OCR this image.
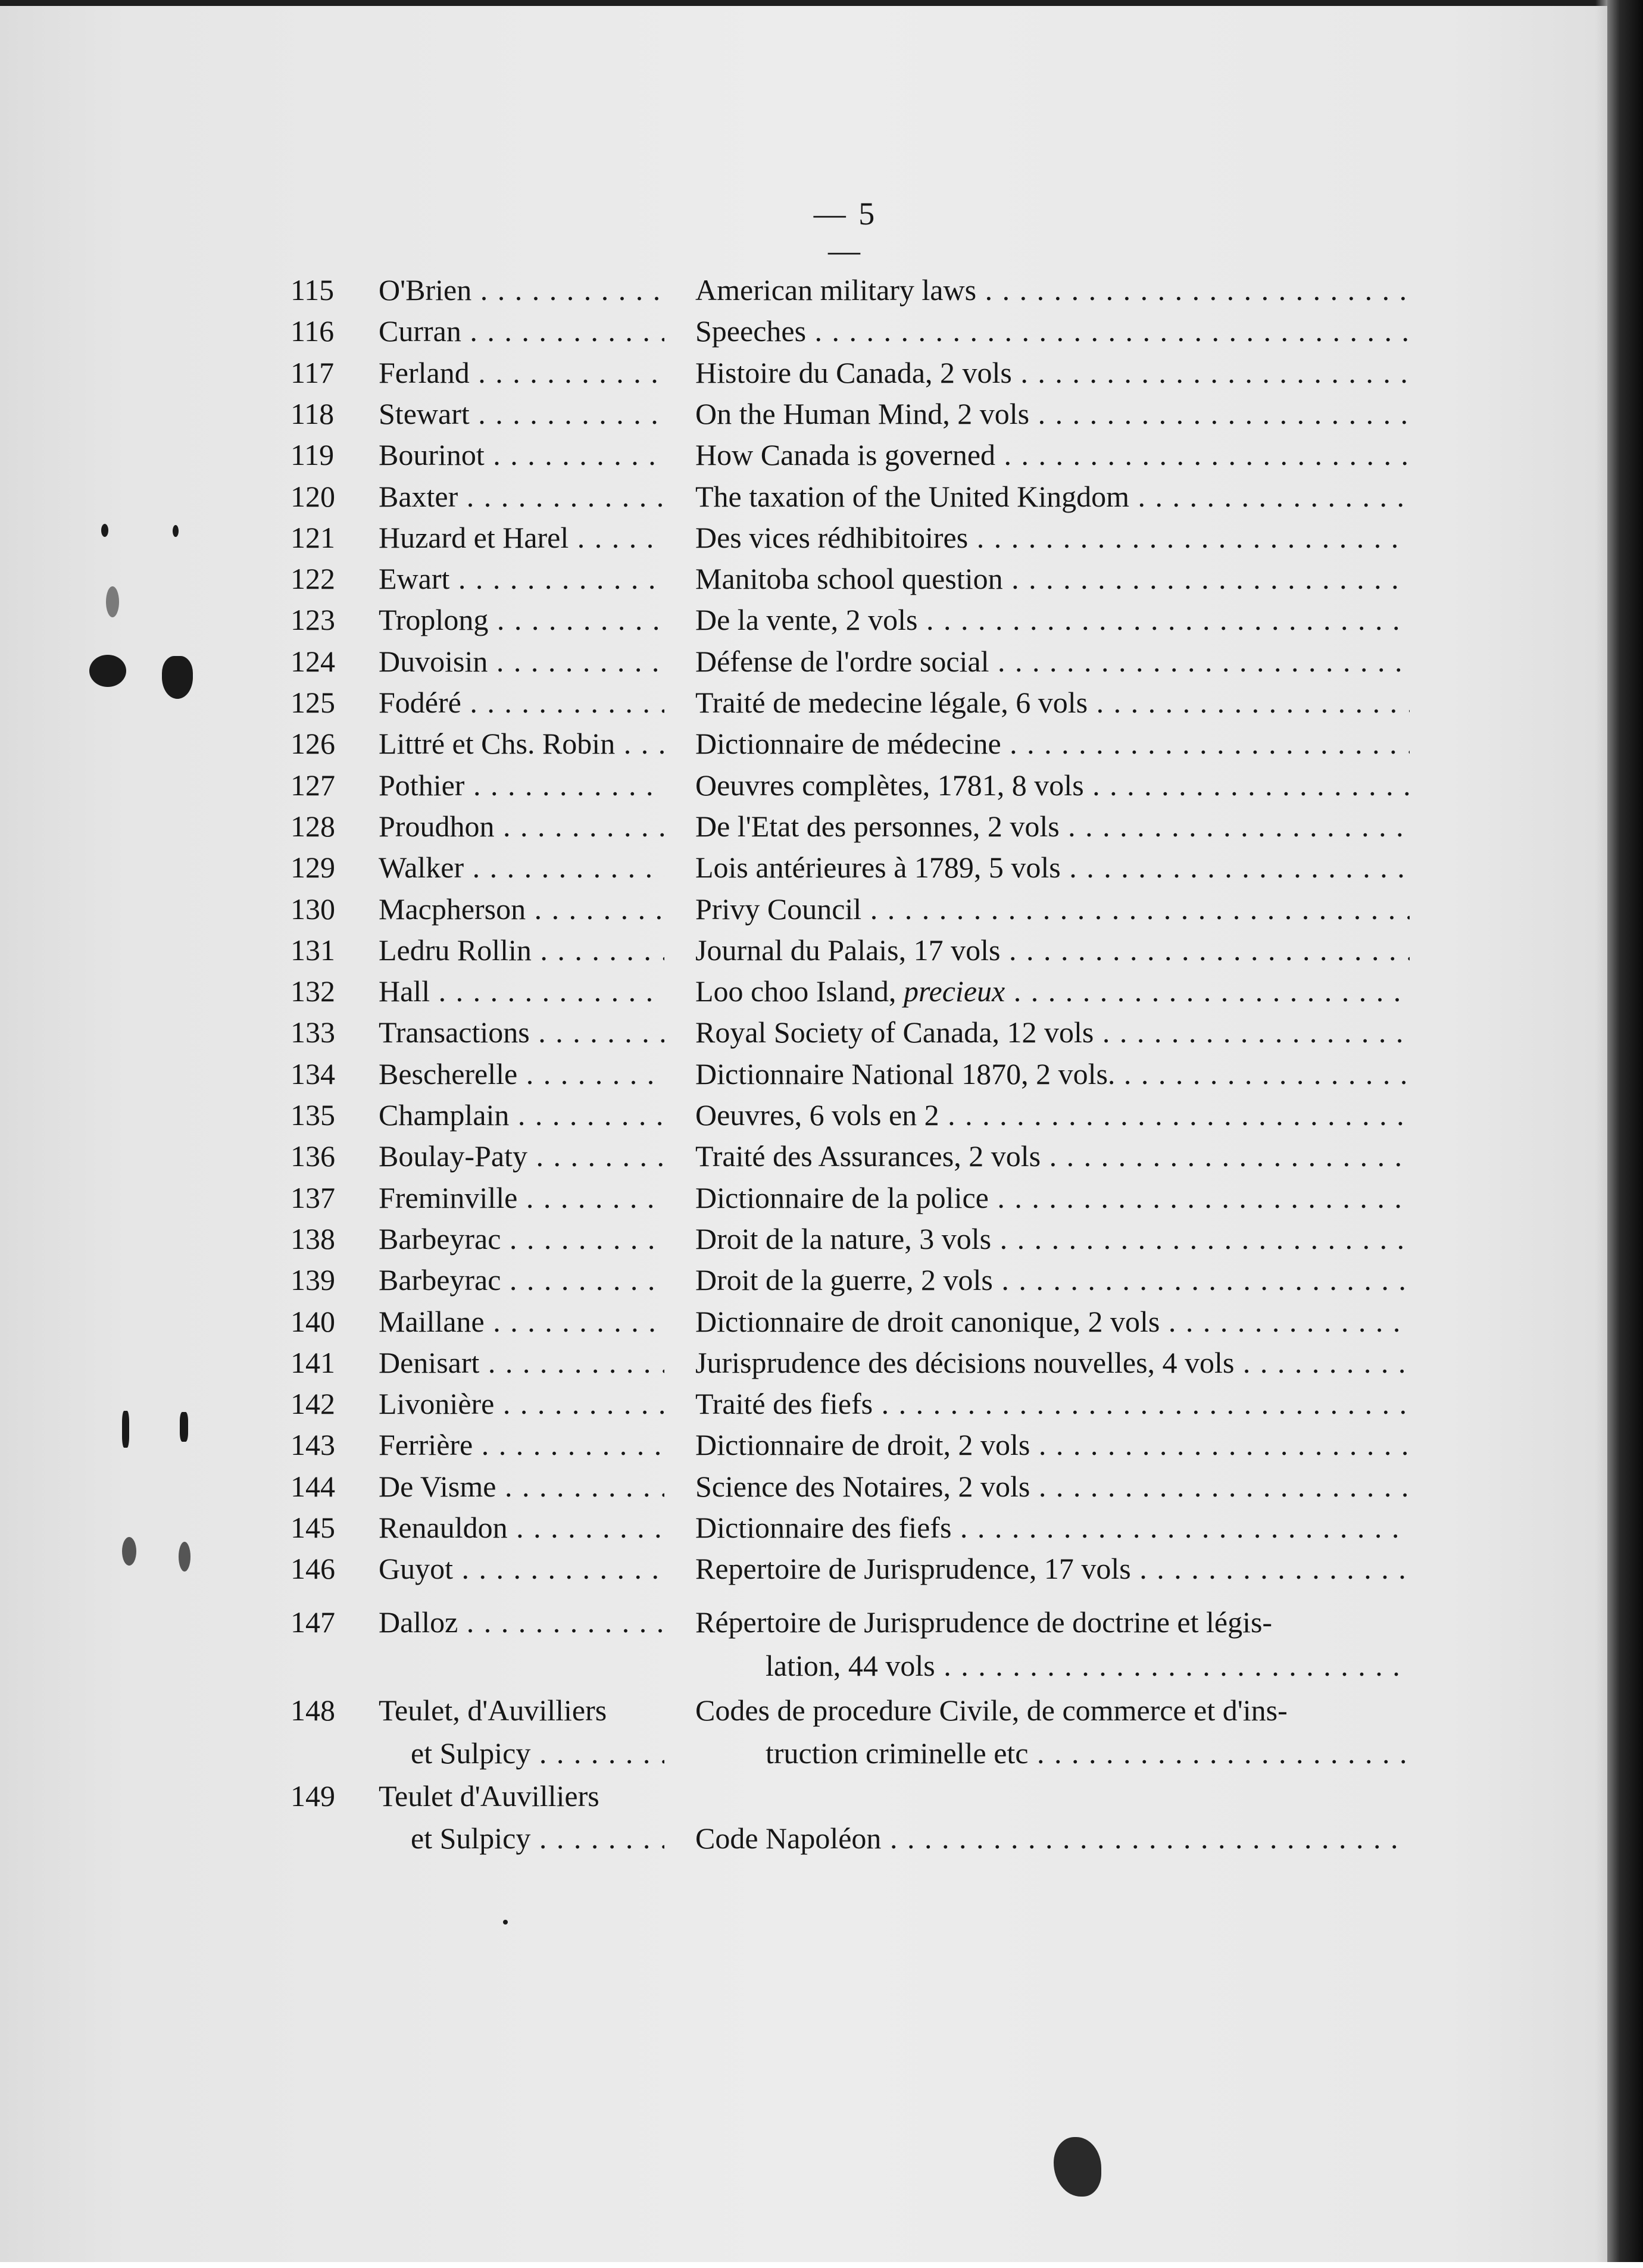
— 5 —
115	O'Brien . . .	American military laws . . .
116	Curran . . .	Speeches . . .
117	Ferland . . .	Histoire du Canada, 2 vols . . .
118	Stewart . . .	On the Human Mind, 2 vols . . .
119	Bourinot . . .	How Canada is governed . . .
120	Baxter . . .	The taxation of the United Kingdom . . .
121	Huzard et Harel . . .	Des vices rédhibitoires . . .
122	Ewart . . .	Manitoba school question . . .
123	Troplong . . .	De la vente, 2 vols . . .
124	Duvoisin . . .	Défense de l'ordre social . . .
125	Fodéré . . .	Traité de medecine légale, 6 vols . . .
126	Littré et Chs. Robin . . .	Dictionnaire de médecine . . .
127	Pothier . . .	Oeuvres complètes, 1781, 8 vols . . .
128	Proudhon . . .	De l'Etat des personnes, 2 vols . . .
129	Walker . . .	Lois antérieures à 1789, 5 vols . . .
130	Macpherson . . .	Privy Council . . .
131	Ledru Rollin . . .	Journal du Palais, 17 vols . . .
132	Hall . . .	Loo choo Island, precieux . . .
133	Transactions . . .	Royal Society of Canada, 12 vols . . .
134	Bescherelle . . .	Dictionnaire National 1870, 2 vols. . . .
135	Champlain . . .	Oeuvres, 6 vols en 2 . . .
136	Boulay-Paty . . .	Traité des Assurances, 2 vols . . .
137	Freminville . . .	Dictionnaire de la police . . .
138	Barbeyrac . . .	Droit de la nature, 3 vols . . .
139	Barbeyrac . . .	Droit de la guerre, 2 vols . . .
140	Maillane . . .	Dictionnaire de droit canonique, 2 vols . . .
141	Denisart . . .	Jurisprudence des décisions nouvelles, 4 vols . . .
142	Livonière . . .	Traité des fiefs . . .
143	Ferrière . . .	Dictionnaire de droit, 2 vols . . .
144	De Visme . . .	Science des Notaires, 2 vols . . .
145	Renauldon . . .	Dictionnaire des fiefs . . .
146	Guyot . . .	Repertoire de Jurisprudence, 17 vols . . .
147	Dalloz . . .	Répertoire de Jurisprudence de doctrine et légis-
lation, 44 vols . . .
148	Teulet, d'Auvilliers	Codes de procedure Civile, de commerce et d'ins-
et Sulpicy . . .	truction criminelle etc . . .
149	Teulet d'Auvilliers
et Sulpicy . . .	Code Napoléon . . .
